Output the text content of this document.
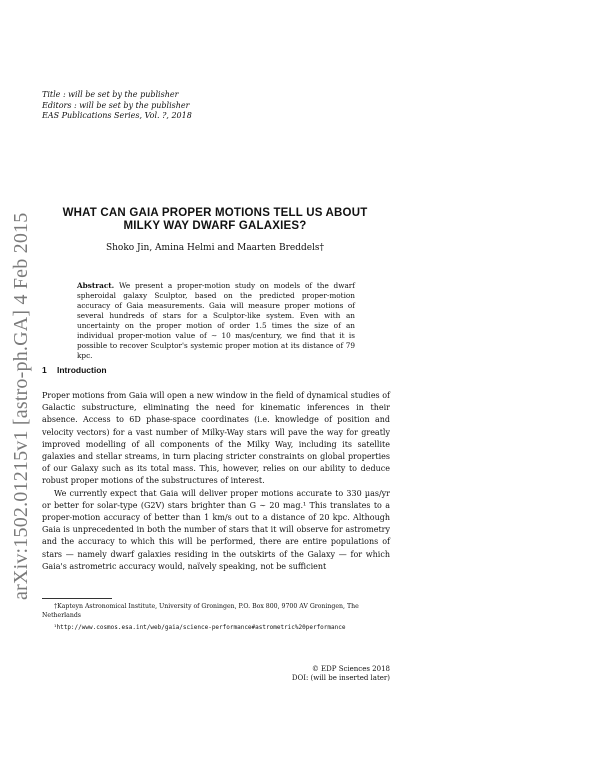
Title : will be set by the publisher
Editors : will be set by the publisher
EAS Publications Series, Vol. ?, 2018
arXiv:1502.01215v1 [astro-ph.GA] 4 Feb 2015	WHAT CAN GAIA PROPER MOTIONS TELL US ABOUT
MILKY WAY DWARF GALAXIES?
Shoko Jin, Amina Helmi and Maarten Breddels†
Abstract. We present a proper-motion study on models of the dwarf spheroidal galaxy Sculptor, based on the predicted proper-motion accuracy of Gaia measurements. Gaia will measure proper motions of several hundreds of stars for a Sculptor-like system. Even with an uncertainty on the proper motion of order 1.5 times the size of an individual proper-motion value of ∼ 10 mas/century, we find that it is possible to recover Sculptor's systemic proper motion at its distance of 79 kpc.
1 Introduction

Proper motions from Gaia will open a new window in the field of dynamical studies of Galactic substructure, eliminating the need for kinematic inferences in their absence. Access to 6D phase-space coordinates (i.e. knowledge of position and velocity vectors) for a vast number of Milky-Way stars will pave the way for greatly improved modelling of all components of the Milky Way, including its satellite galaxies and stellar streams, in turn placing stricter constraints on global properties of our Galaxy such as its total mass. This, however, relies on our ability to deduce robust proper motions of the substructures of interest.

We currently expect that Gaia will deliver proper motions accurate to 330 µas/yr or better for solar-type (G2V) stars brighter than G ∼ 20 mag.¹ This translates to a proper-motion accuracy of better than 1 km/s out to a distance of 20 kpc. Although Gaia is unprecedented in both the number of stars that it will observe for astrometry and the accuracy to which this will be performed, there are entire populations of stars — namely dwarf galaxies residing in the outskirts of the Galaxy — for which Gaia's astrometric accuracy would, naïvely speaking, not be sufficient

†Kapteyn Astronomical Institute, University of Groningen, P.O. Box 800, 9700 AV Groningen, The Netherlands

¹http://www.cosmos.esa.int/web/gaia/science-performance#astrometric%20performance

© EDP Sciences 2018
DOI: (will be inserted later)
